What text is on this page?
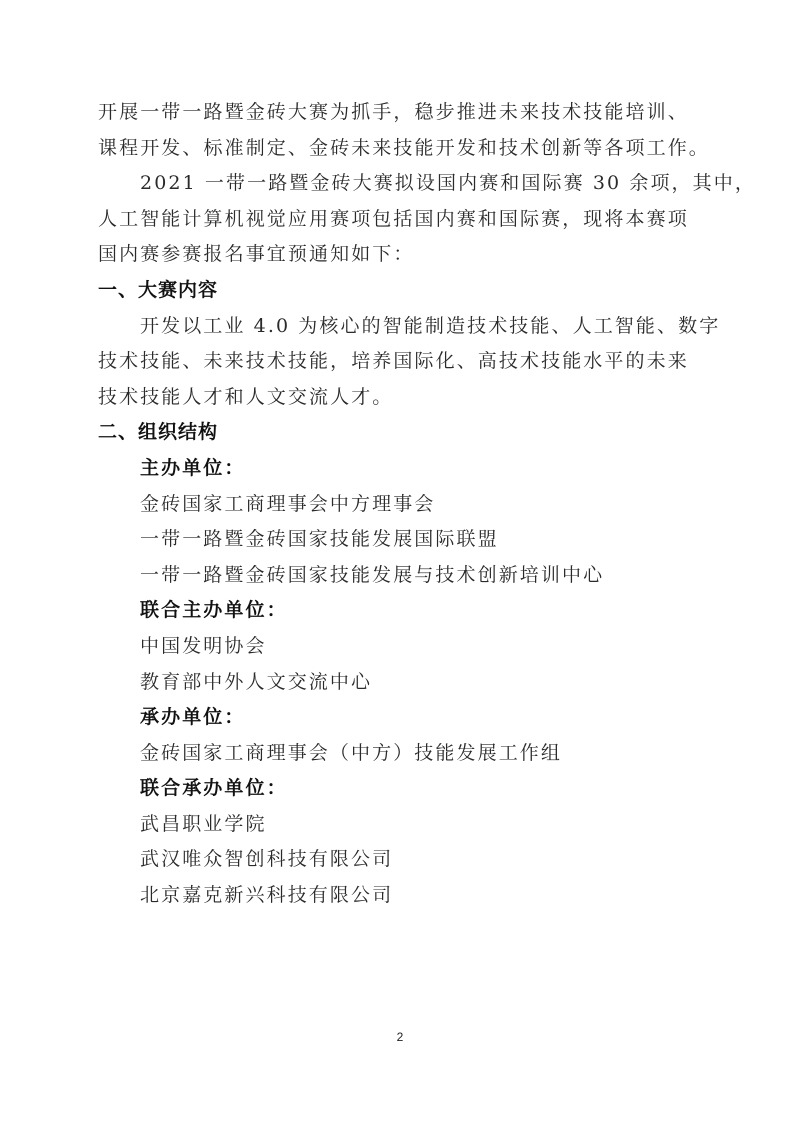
开展一带一路暨金砖大赛为抓手，稳步推进未来技术技能培训、
课程开发、标准制定、金砖未来技能开发和技术创新等各项工作。
2021 一带一路暨金砖大赛拟设国内赛和国际赛 30 余项，其中，
人工智能计算机视觉应用赛项包括国内赛和国际赛，现将本赛项
国内赛参赛报名事宜预通知如下：
一、大赛内容
开发以工业 4.0 为核心的智能制造技术技能、人工智能、数字
技术技能、未来技术技能，培养国际化、高技术技能水平的未来
技术技能人才和人文交流人才。
二、组织结构
主办单位：
金砖国家工商理事会中方理事会
一带一路暨金砖国家技能发展国际联盟
一带一路暨金砖国家技能发展与技术创新培训中心
联合主办单位：
中国发明协会
教育部中外人文交流中心
承办单位：
金砖国家工商理事会（中方）技能发展工作组
联合承办单位：
武昌职业学院
武汉唯众智创科技有限公司
北京嘉克新兴科技有限公司
2
